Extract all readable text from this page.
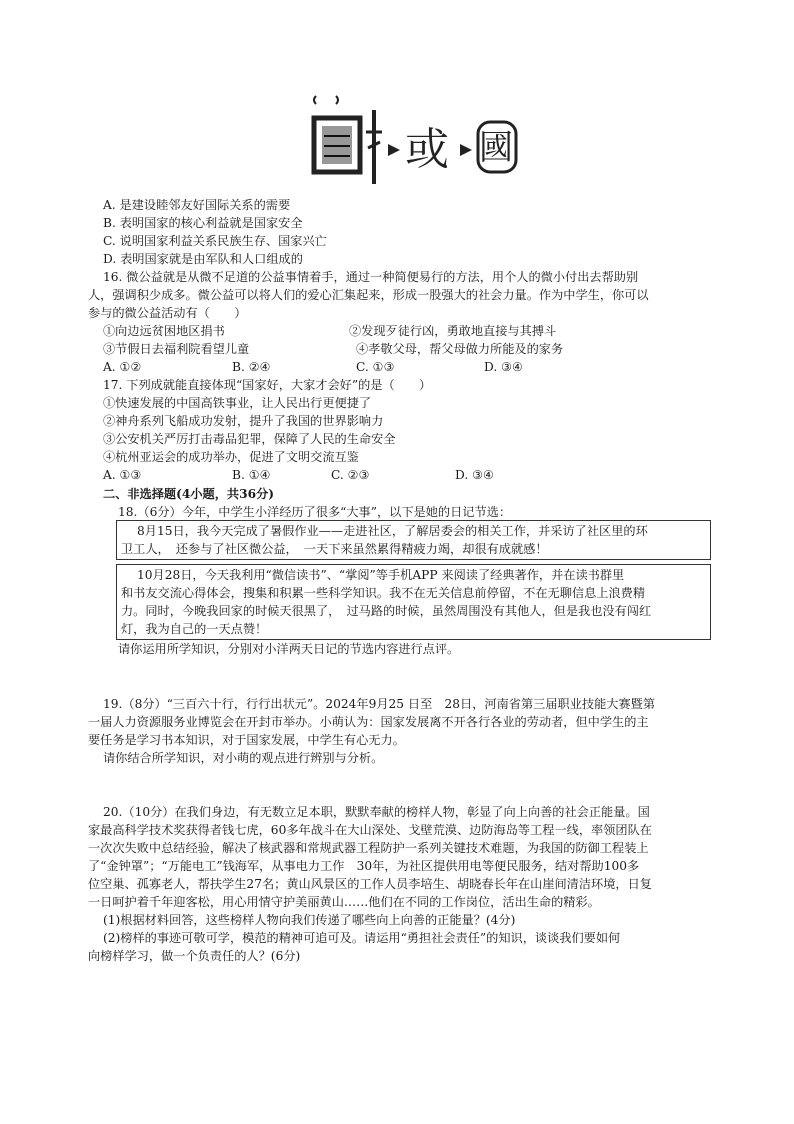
或 國
A. 是建设睦邻友好国际关系的需要
B. 表明国家的核心利益就是国家安全
C. 说明国家利益关系民族生存、国家兴亡
D. 表明国家就是由军队和人口组成的
16. 微公益就是从微不足道的公益事情着手，通过一种简便易行的方法，用个人的微小付出去帮助别
人，强调积少成多。微公益可以将人们的爱心汇集起来，形成一股强大的社会力量。作为中学生，你可以
参与的微公益活动有（　　）
①向边远贫困地区捐书	②发现歹徒行凶，勇敢地直接与其搏斗
③节假日去福利院看望儿童	④孝敬父母，帮父母做力所能及的家务
A. ①②	B. ②④	C. ①③	D. ③④
17. 下列成就能直接体现“国家好，大家才会好”的是（　　）
①快速发展的中国高铁事业，让人民出行更便捷了
②神舟系列飞船成功发射，提升了我国的世界影响力
③公安机关严厉打击毒品犯罪，保障了人民的生命安全
④杭州亚运会的成功举办，促进了文明交流互鉴
A. ①③	B. ①④	C. ②③	D. ③④
二、非选择题(4小题，共36分)
18.（6分）今年，中学生小洋经历了很多“大事”，以下是她的日记节选：
8月15日，我今天完成了暑假作业——走进社区，了解居委会的相关工作，并采访了社区里的环
卫工人，　还参与了社区微公益，　一天下来虽然累得精疲力竭，却很有成就感！
10月28日，今天我利用“微信读书”、“掌阅”等手机APP 来阅读了经典著作，并在读书群里
和书友交流心得体会，搜集和积累一些科学知识。我不在无关信息前停留，不在无聊信息上浪费精
力。同时，今晚我回家的时候天很黑了，　过马路的时候，虽然周围没有其他人，但是我也没有闯红
灯，我为自己的一天点赞！
请你运用所学知识，分别对小洋两天日记的节选内容进行点评。
19.（8分）“三百六十行，行行出状元”。2024年9月25 日至　28日，河南省第三届职业技能大赛暨第
一届人力资源服务业博览会在开封市举办。小萌认为：国家发展离不开各行各业的劳动者，但中学生的主
要任务是学习书本知识，对于国家发展，中学生有心无力。
请你结合所学知识，对小萌的观点进行辨别与分析。
20.（10分）在我们身边，有无数立足本职，默默奉献的榜样人物，彰显了向上向善的社会正能量。国
家最高科学技术奖获得者钱七虎，60多年战斗在大山深处、戈壁荒漠、边防海岛等工程一线，率领团队在
一次次失败中总结经验，解决了核武器和常规武器工程防护一系列关键技术难题，为我国的防御工程装上
了“金钟罩”；“万能电工”钱海军，从事电力工作　30年，为社区提供用电等便民服务，结对帮助100多
位空巢、孤寡老人，帮扶学生27名；黄山风景区的工作人员李培生、胡晓春长年在山崖间清洁环境，日复
一日呵护着千年迎客松，用心用情守护美丽黄山……他们在不同的工作岗位，活出生命的精彩。
(1)根据材料回答，这些榜样人物向我们传递了哪些向上向善的正能量？(4分)
(2)榜样的事迹可敬可学，模范的精神可追可及。请运用“勇担社会责任”的知识，谈谈我们要如何
向榜样学习，做一个负责任的人？(6分)
